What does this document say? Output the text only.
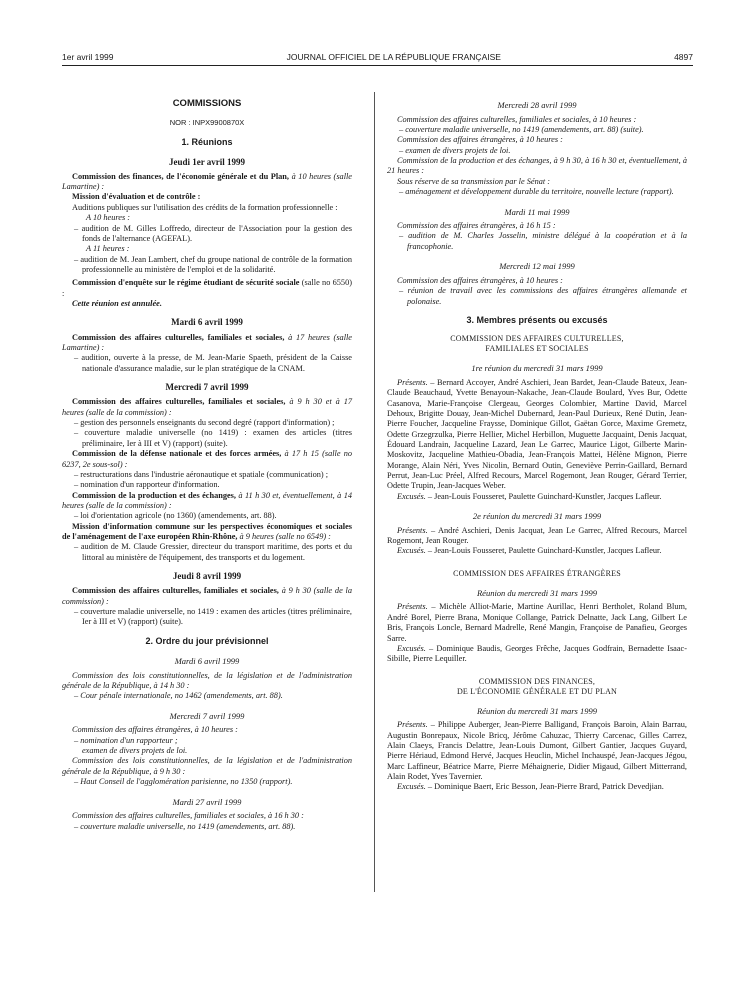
1er avril 1999	JOURNAL OFFICIEL DE LA RÉPUBLIQUE FRANÇAISE	4897
COMMISSIONS
NOR : INPX9900870X
1. Réunions
Jeudi 1er avril 1999

Commission des finances, de l'économie générale et du Plan, à 10 heures (salle Lamartine) :

Mission d'évaluation et de contrôle :

Auditions publiques sur l'utilisation des crédits de la formation professionnelle :

A 10 heures :

– audition de M. Gilles Loffredo, directeur de l'Association pour la gestion des fonds de l'alternance (AGEFAL).

A 11 heures :

– audition de M. Jean Lambert, chef du groupe national de contrôle de la formation professionnelle au ministère de l'emploi et de la solidarité.

Commission d'enquête sur le régime étudiant de sécurité sociale (salle no 6550) :

Cette réunion est annulée.

Mardi 6 avril 1999

Commission des affaires culturelles, familiales et sociales, à 17 heures (salle Lamartine) :

– audition, ouverte à la presse, de M. Jean-Marie Spaeth, président de la Caisse nationale d'assurance maladie, sur le plan stratégique de la CNAM.

Mercredi 7 avril 1999

Commission des affaires culturelles, familiales et sociales, à 9 h 30 et à 17 heures (salle de la commission) :

– gestion des personnels enseignants du second degré (rapport d'information) ;

– couverture maladie universelle (no 1419) : examen des articles (titres préliminaire, Ier à III et V) (rapport) (suite).

Commission de la défense nationale et des forces armées, à 17 h 15 (salle no 6237, 2e sous-sol) :

– restructurations dans l'industrie aéronautique et spatiale (communication) ;

– nomination d'un rapporteur d'information.

Commission de la production et des échanges, à 11 h 30 et, éventuellement, à 14 heures (salle de la commission) :

– loi d'orientation agricole (no 1360) (amendements, art. 88).

Mission d'information commune sur les perspectives économiques et sociales de l'aménagement de l'axe européen Rhin-Rhône, à 9 heures (salle no 6549) :

– audition de M. Claude Gressier, directeur du transport maritime, des ports et du littoral au ministère de l'équipement, des transports et du logement.

Jeudi 8 avril 1999

Commission des affaires culturelles, familiales et sociales, à 9 h 30 (salle de la commission) :

– couverture maladie universelle, no 1419 : examen des articles (titres préliminaire, Ier à III et V) (rapport) (suite).

2. Ordre du jour prévisionnel
Mardi 6 avril 1999

Commission des lois constitutionnelles, de la législation et de l'administration générale de la République, à 14 h 30 :

– Cour pénale internationale, no 1462 (amendements, art. 88).

Mercredi 7 avril 1999

Commission des affaires étrangères, à 10 heures :

– nomination d'un rapporteur ;

examen de divers projets de loi.

Commission des lois constitutionnelles, de la législation et de l'administration générale de la République, à 9 h 30 :

– Haut Conseil de l'agglomération parisienne, no 1350 (rapport).

Mardi 27 avril 1999

Commission des affaires culturelles, familiales et sociales, à 16 h 30 :

– couverture maladie universelle, no 1419 (amendements, art. 88).

Mercredi 28 avril 1999

Commission des affaires culturelles, familiales et sociales, à 10 heures :

– couverture maladie universelle, no 1419 (amendements, art. 88) (suite).

Commission des affaires étrangères, à 10 heures :

– examen de divers projets de loi.

Commission de la production et des échanges, à 9 h 30, à 16 h 30 et, éventuellement, à 21 heures :

Sous réserve de sa transmission par le Sénat :

– aménagement et développement durable du territoire, nouvelle lecture (rapport).

Mardi 11 mai 1999

Commission des affaires étrangères, à 16 h 15 :

– audition de M. Charles Josselin, ministre délégué à la coopération et à la francophonie.

Mercredi 12 mai 1999

Commission des affaires étrangères, à 10 heures :

– réunion de travail avec les commissions des affaires étrangères allemande et polonaise.

3. Membres présents ou excusés
COMMISSION DES AFFAIRES CULTURELLES,
FAMILIALES ET SOCIALES
1re réunion du mercredi 31 mars 1999

Présents. – Bernard Accoyer, André Aschieri, Jean Bardet, Jean-Claude Bateux, Jean-Claude Beauchaud, Yvette Benayoun-Nakache, Jean-Claude Boulard, Yves Bur, Odette Casanova, Marie-Françoise Clergeau, Georges Colombier, Martine David, Marcel Dehoux, Brigitte Douay, Jean-Michel Dubernard, Jean-Paul Durieux, René Dutin, Jean-Pierre Foucher, Jacqueline Fraysse, Dominique Gillot, Gaëtan Gorce, Maxime Gremetz, Odette Grzegrzulka, Pierre Hellier, Michel Herbillon, Muguette Jacquaint, Denis Jacquat, Édouard Landrain, Jacqueline Lazard, Jean Le Garrec, Maurice Ligot, Gilberte Marin-Moskovitz, Jacqueline Mathieu-Obadia, Jean-François Mattei, Hélène Mignon, Pierre Morange, Alain Néri, Yves Nicolin, Bernard Outin, Geneviève Perrin-Gaillard, Bernard Perrut, Jean-Luc Préel, Alfred Recours, Marcel Rogemont, Jean Rouger, Gérard Terrier, Odette Trupin, Jean-Jacques Weber.

Excusés. – Jean-Louis Fousseret, Paulette Guinchard-Kunstler, Jacques Lafleur.

2e réunion du mercredi 31 mars 1999

Présents. – André Aschieri, Denis Jacquat, Jean Le Garrec, Alfred Recours, Marcel Rogemont, Jean Rouger.

Excusés. – Jean-Louis Fousseret, Paulette Guinchard-Kunstler, Jacques Lafleur.

COMMISSION DES AFFAIRES ÉTRANGÈRES
Réunion du mercredi 31 mars 1999

Présents. – Michèle Alliot-Marie, Martine Aurillac, Henri Bertholet, Roland Blum, André Borel, Pierre Brana, Monique Collange, Patrick Delnatte, Jack Lang, Gilbert Le Bris, François Loncle, Bernard Madrelle, René Mangin, Françoise de Panafieu, Georges Sarre.

Excusés. – Dominique Baudis, Georges Frêche, Jacques Godfrain, Bernadette Isaac-Sibille, Pierre Lequiller.

COMMISSION DES FINANCES,
DE L'ÉCONOMIE GÉNÉRALE ET DU PLAN
Réunion du mercredi 31 mars 1999

Présents. – Philippe Auberger, Jean-Pierre Balligand, François Baroin, Alain Barrau, Augustin Bonrepaux, Nicole Bricq, Jérôme Cahuzac, Thierry Carcenac, Gilles Carrez, Alain Claeys, Francis Delattre, Jean-Louis Dumont, Gilbert Gantier, Jacques Guyard, Pierre Hériaud, Edmond Hervé, Jacques Heuclin, Michel Inchauspé, Jean-Jacques Jégou, Marc Laffineur, Béatrice Marre, Pierre Méhaignerie, Didier Migaud, Gilbert Mitterrand, Alain Rodet, Yves Tavernier.

Excusés. – Dominique Baert, Eric Besson, Jean-Pierre Brard, Patrick Devedjian.
